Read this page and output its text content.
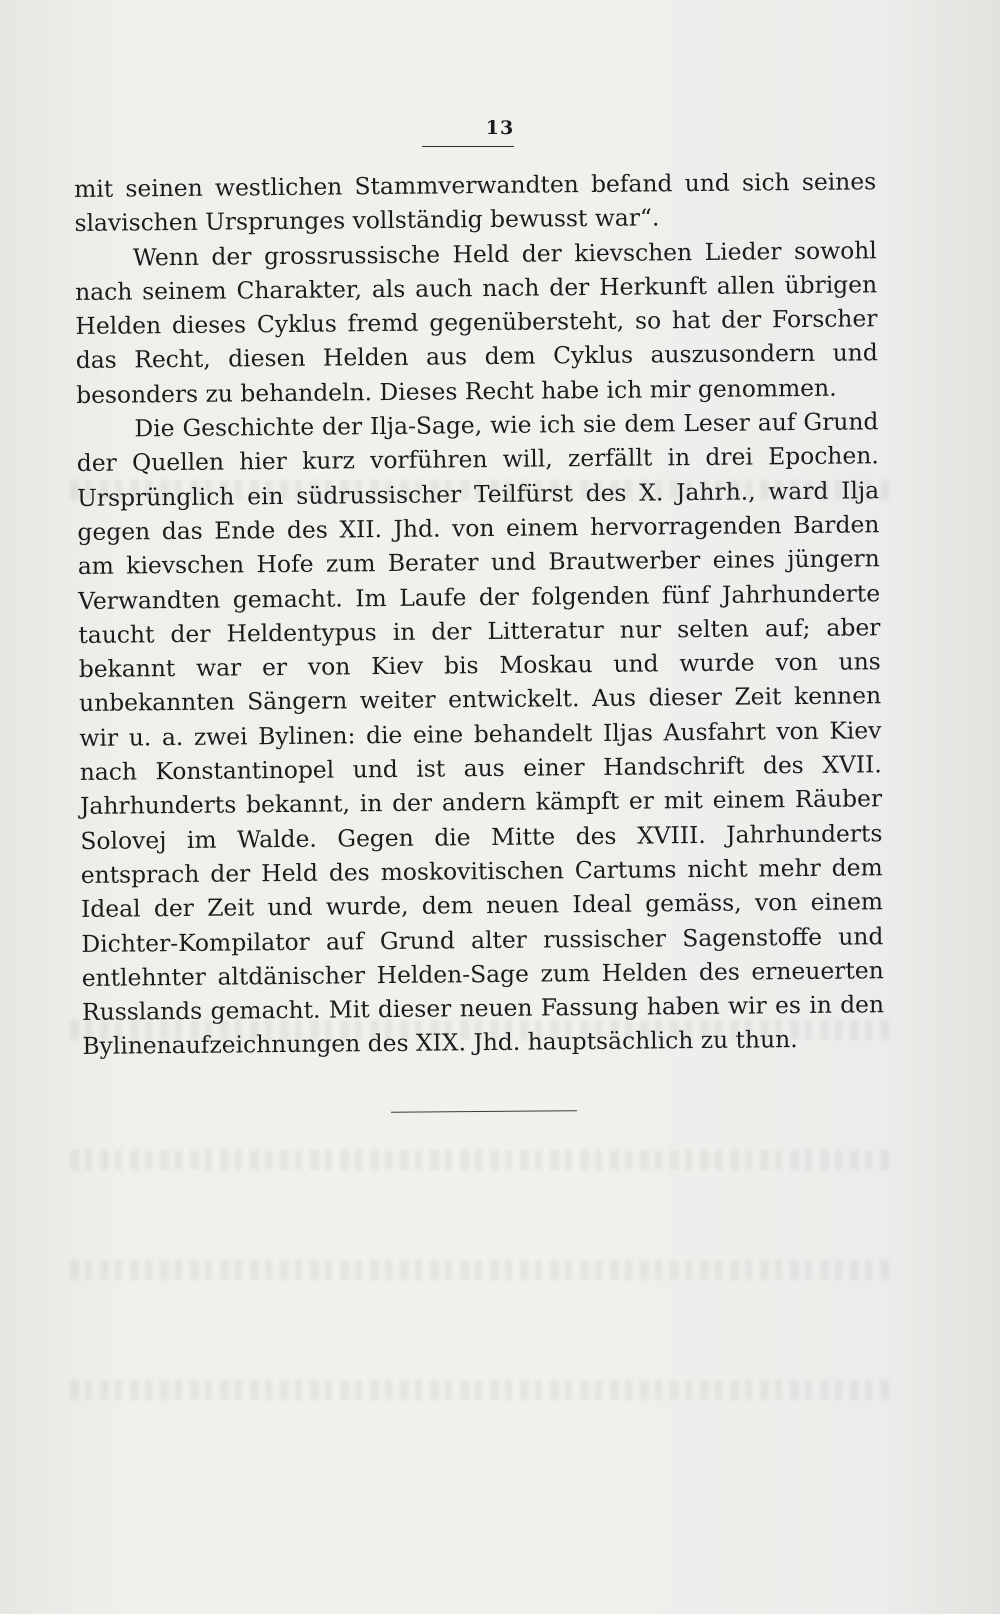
13

mit seinen westlichen Stammverwandten befand und sich seines slavischen Ursprunges vollständig bewusst war“.

Wenn der grossrussische Held der kievschen Lieder sowohl nach seinem Charakter, als auch nach der Herkunft allen übrigen Helden dieses Cyklus fremd gegenübersteht, so hat der Forscher das Recht, diesen Helden aus dem Cyklus auszusondern und besonders zu behandeln. Dieses Recht habe ich mir genommen.

Die Geschichte der Ilja-Sage, wie ich sie dem Leser auf Grund der Quellen hier kurz vorführen will, zerfällt in drei Epochen. Ursprünglich ein südrussischer Teilfürst des X. Jahrh., ward Ilja gegen das Ende des XII. Jhd. von einem hervorragenden Barden am kievschen Hofe zum Berater und Brautwerber eines jüngern Verwandten gemacht. Im Laufe der folgenden fünf Jahrhunderte taucht der Heldentypus in der Litteratur nur selten auf; aber bekannt war er von Kiev bis Moskau und wurde von uns unbekannten Sängern weiter entwickelt. Aus dieser Zeit kennen wir u. a. zwei Bylinen: die eine behandelt Iljas Ausfahrt von Kiev nach Konstantinopel und ist aus einer Handschrift des XVII. Jahrhunderts bekannt, in der andern kämpft er mit einem Räuber Solovej im Walde. Gegen die Mitte des XVIII. Jahrhunderts entsprach der Held des moskovitischen Cartums nicht mehr dem Ideal der Zeit und wurde, dem neuen Ideal gemäss, von einem Dichter-Kompilator auf Grund alter russischer Sagenstoffe und entlehnter altdänischer Helden-Sage zum Helden des erneuerten Russlands gemacht. Mit dieser neuen Fassung haben wir es in den Bylinenaufzeichnungen des XIX. Jhd. hauptsächlich zu thun.
